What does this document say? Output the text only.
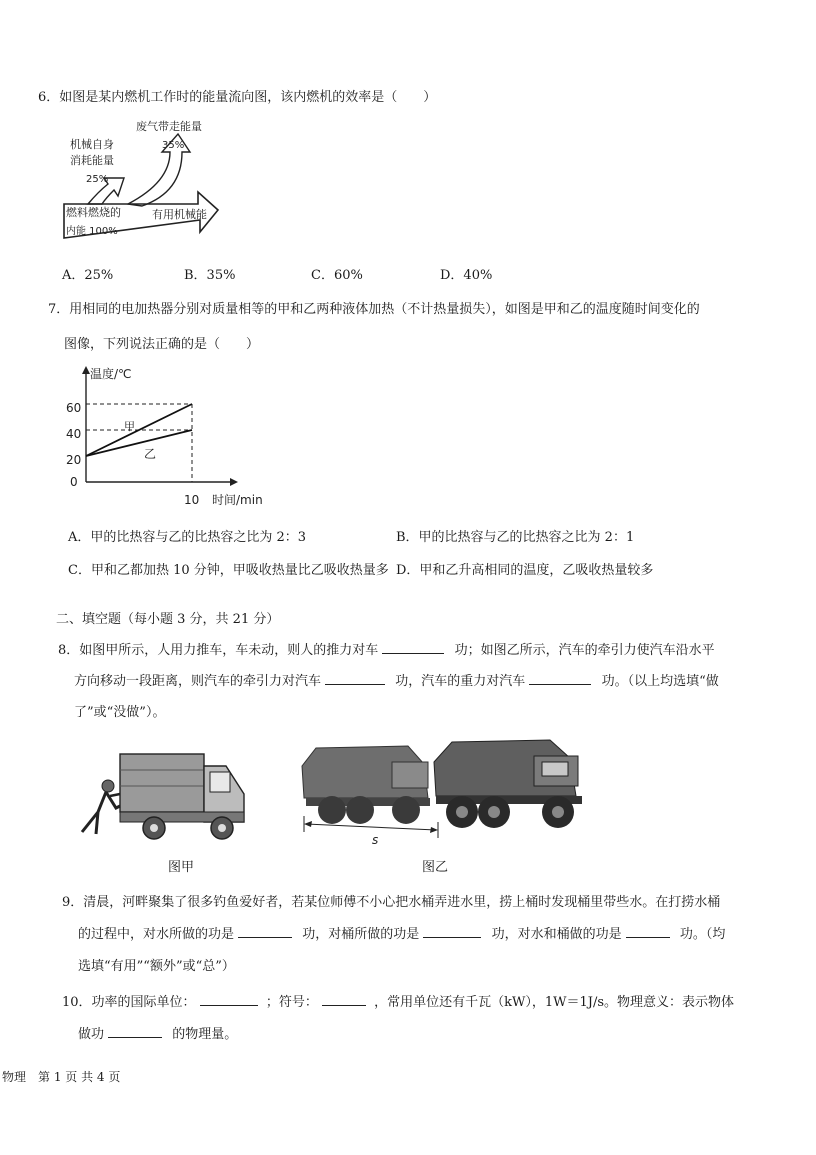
6．如图是某内燃机工作时的能量流向图，该内燃机的效率是（　　）
机械自身
消耗能量
25%
废气带走能量
35%
燃料燃烧的
内能 100%
有用机械能
A．25%	B．35%	C．60%	D．40%
7．用相同的电加热器分别对质量相等的甲和乙两种液体加热（不计热量损失），如图是甲和乙的温度随时间变化的
图像，下列说法正确的是（　　）
温度/℃
时间/min
60
40
20
0
10
甲
乙
A．甲的比热容与乙的比热容之比为 2：3	B．甲的比热容与乙的比热容之比为 2：1
C．甲和乙都加热 10 分钟，甲吸收热量比乙吸收热量多 D．甲和乙升高相同的温度，乙吸收热量较多
二、填空题（每小题 3 分，共 21 分）
8．如图甲所示，人用力推车，车未动，则人的推力对车	功；如图乙所示，汽车的牵引力使汽车沿水平
方向移动一段距离，则汽车的牵引力对汽车	功，汽车的重力对汽车	功。（以上均选填“做
了”或“没做”）。
s
图甲	图乙
9．清晨，河畔聚集了很多钓鱼爱好者，若某位师傅不小心把水桶弄进水里，捞上桶时发现桶里带些水。在打捞水桶
的过程中，对水所做的功是	功，对桶所做的功是	功，对水和桶做的功是	功。（均
选填“有用”“额外”或“总”）
10．功率的国际单位：	；符号：	，常用单位还有千瓦（kW），1W＝1J/s。物理意义：表示物体
做功	的物理量。
物理　第 1 页 共 4 页
